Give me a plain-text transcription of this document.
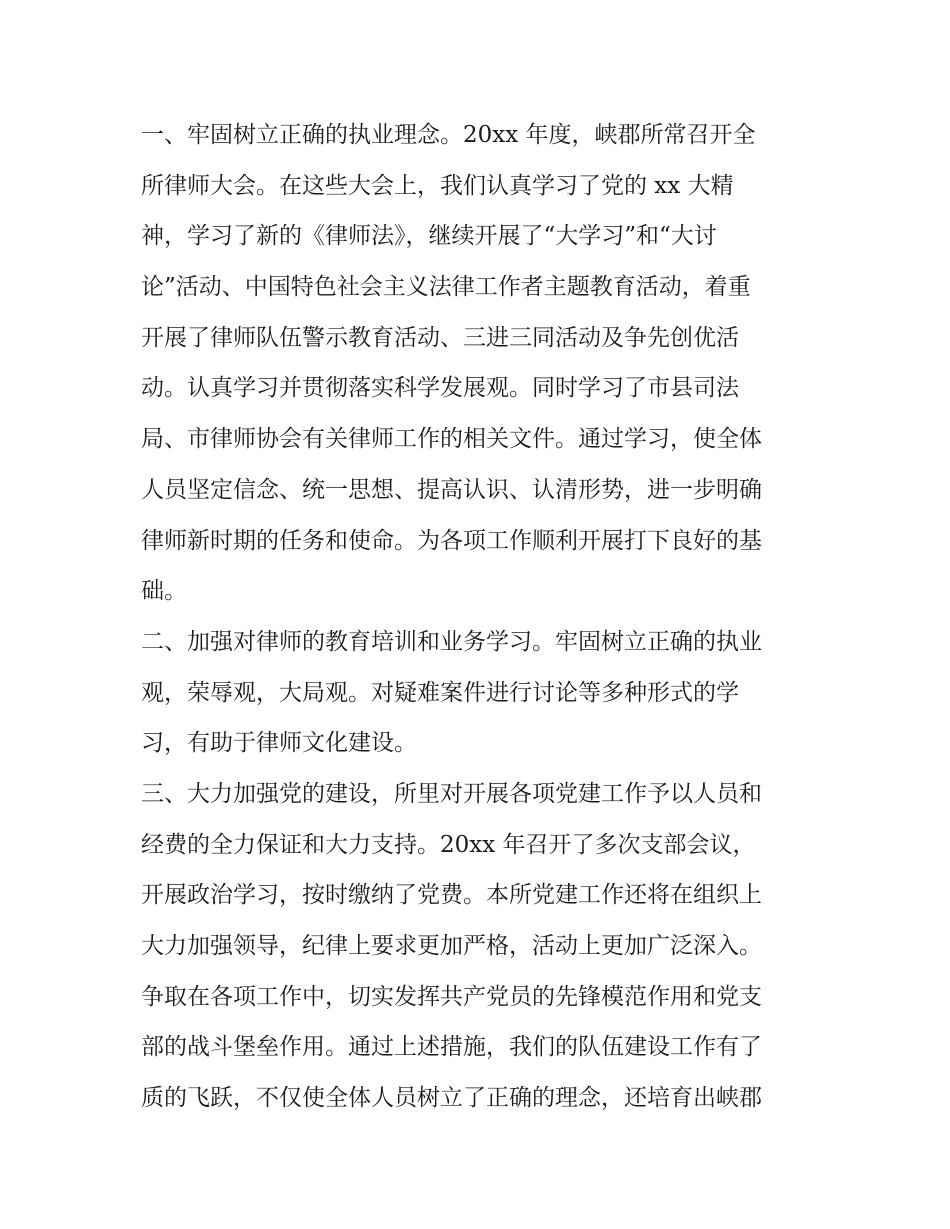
一、牢固树立正确的执业理念。20xx 年度，峡郡所常召开全
所律师大会。在这些大会上，我们认真学习了党的 xx 大精
神，学习了新的《律师法》，继续开展了“大学习”和“大讨
论”活动、中国特色社会主义法律工作者主题教育活动，着重
开展了律师队伍警示教育活动、三进三同活动及争先创优活
动。认真学习并贯彻落实科学发展观。同时学习了市县司法
局、市律师协会有关律师工作的相关文件。通过学习，使全体
人员坚定信念、统一思想、提高认识、认清形势，进一步明确
律师新时期的任务和使命。为各项工作顺利开展打下良好的基
础。
二、加强对律师的教育培训和业务学习。牢固树立正确的执业
观，荣辱观，大局观。对疑难案件进行讨论等多种形式的学
习，有助于律师文化建设。
三、大力加强党的建设，所里对开展各项党建工作予以人员和
经费的全力保证和大力支持。20xx 年召开了多次支部会议，
开展政治学习，按时缴纳了党费。本所党建工作还将在组织上
大力加强领导，纪律上要求更加严格，活动上更加广泛深入。
争取在各项工作中，切实发挥共产党员的先锋模范作用和党支
部的战斗堡垒作用。通过上述措施，我们的队伍建设工作有了
质的飞跃，不仅使全体人员树立了正确的理念，还培育出峡郡
